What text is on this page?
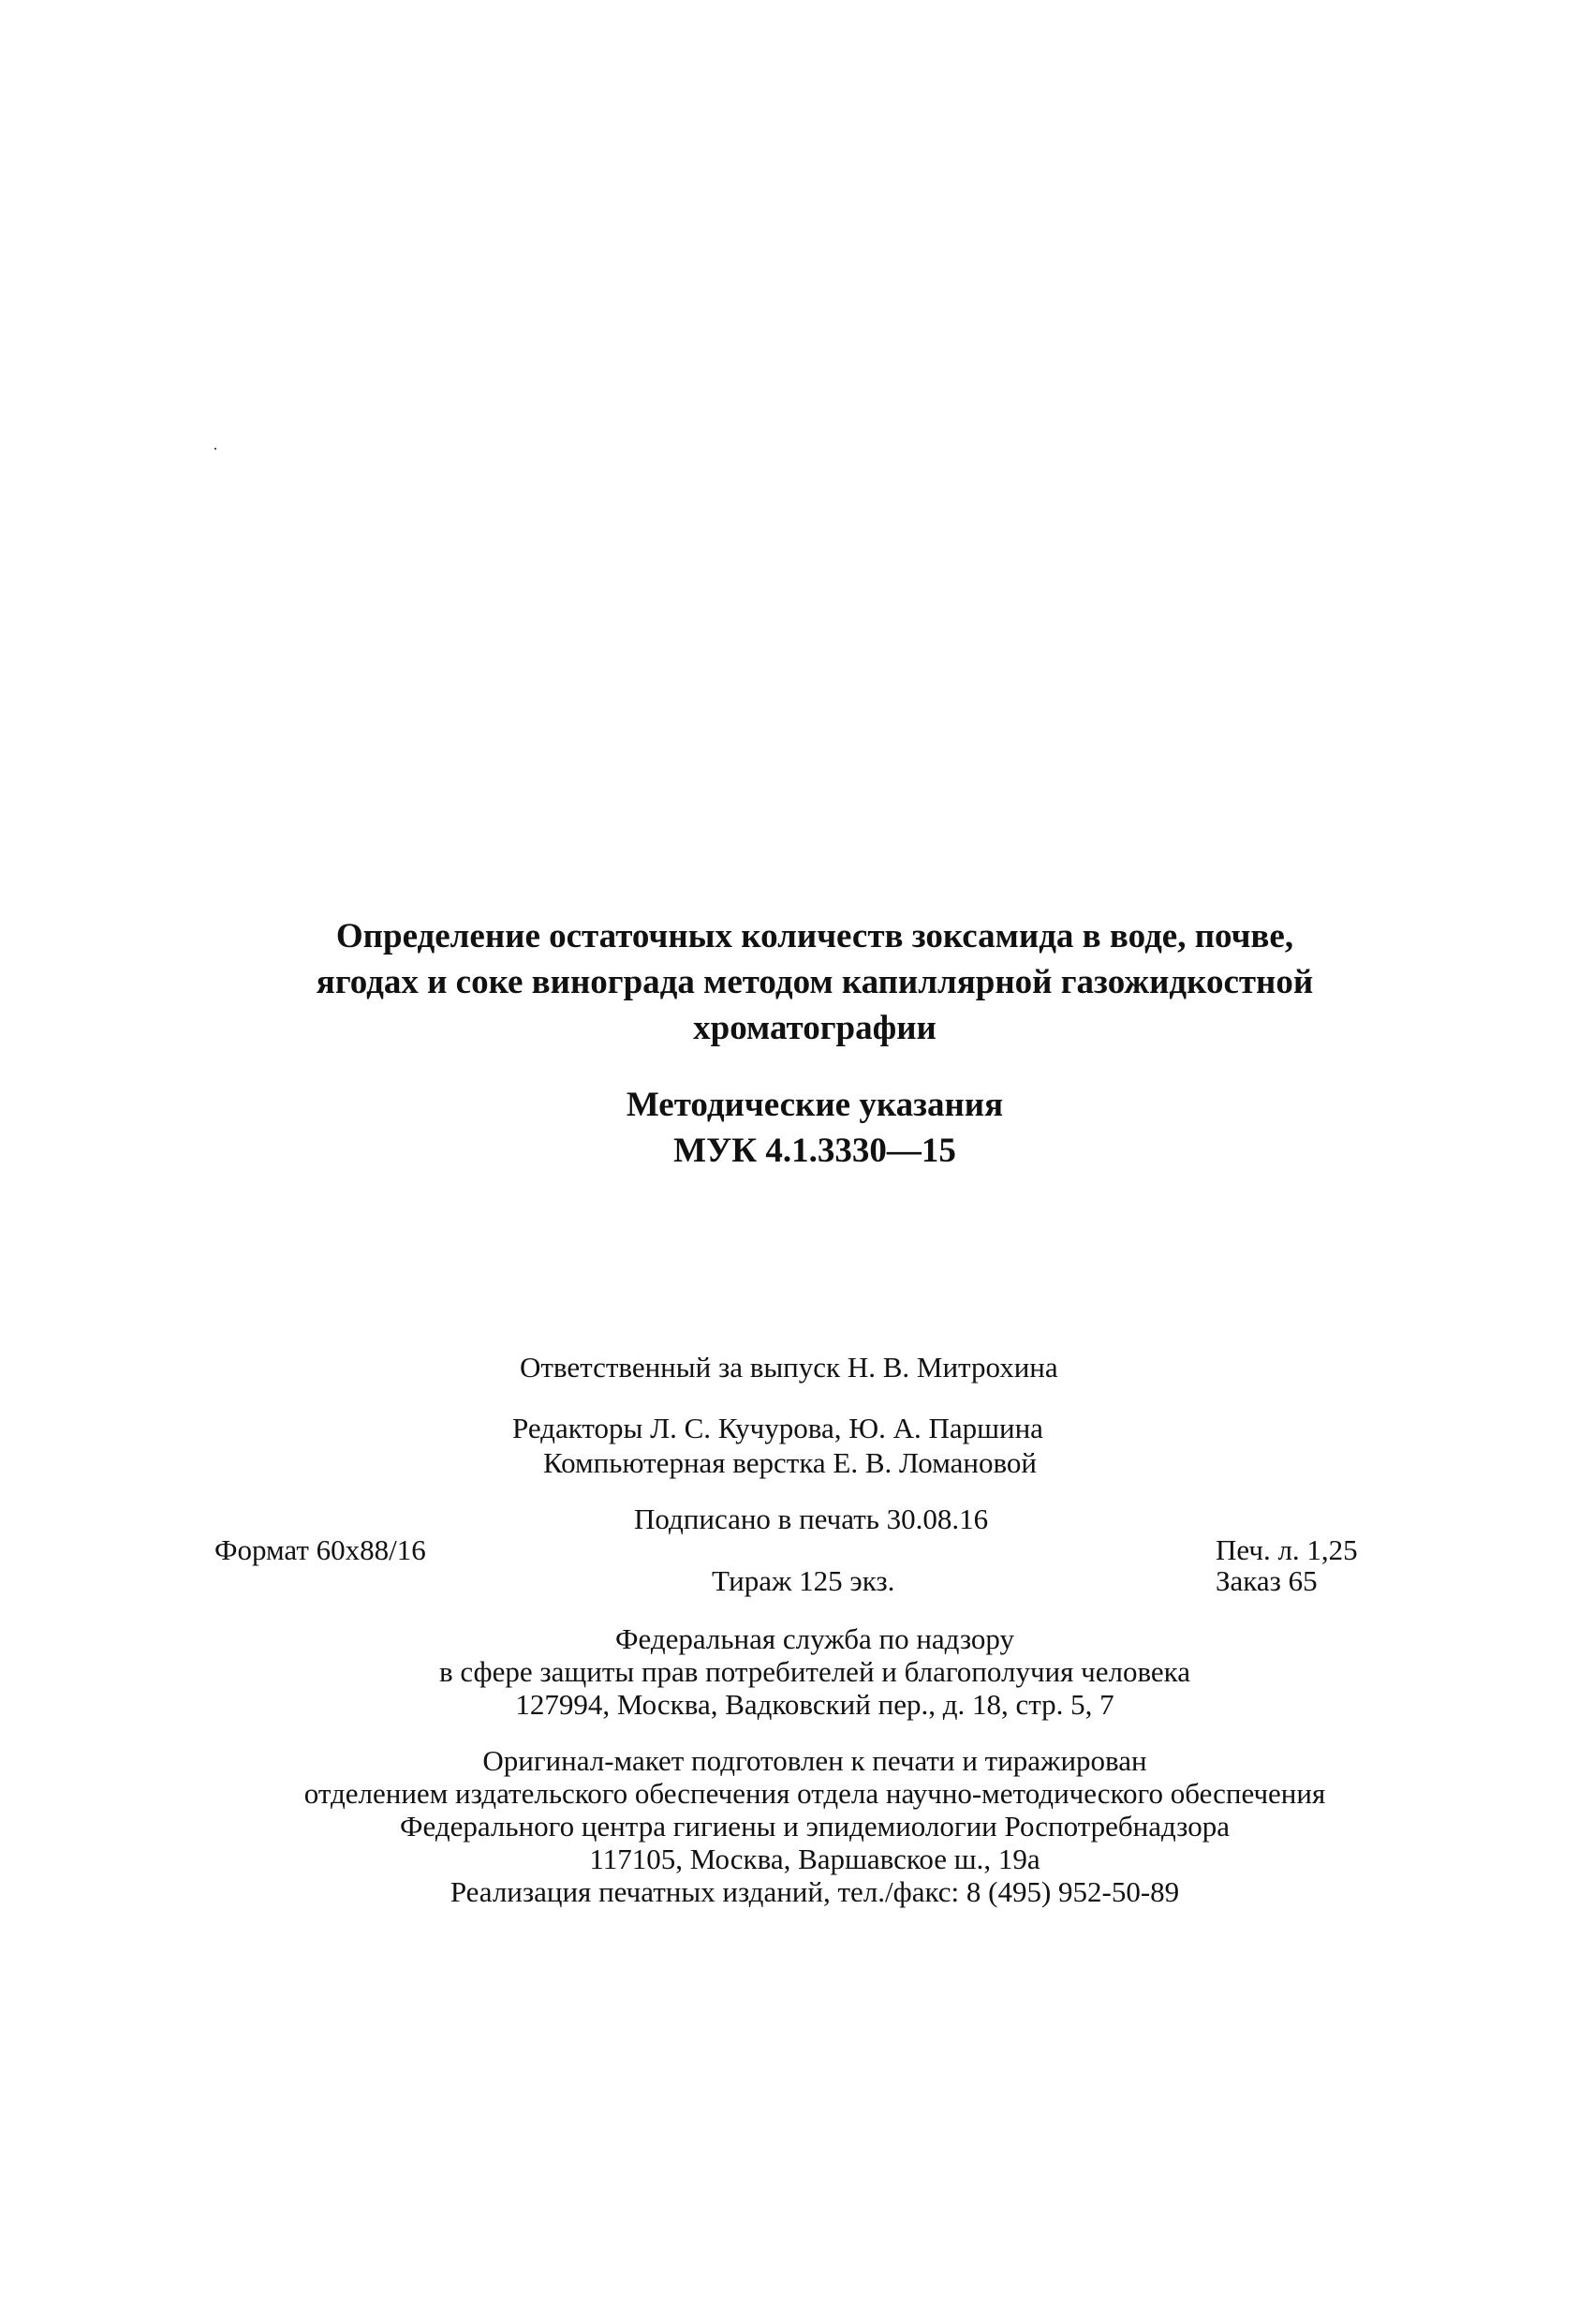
Определение остаточных количеств зоксамида в воде, почве,
ягодах и соке винограда методом капиллярной газожидкостной
хроматографии
Методические указания
МУК 4.1.3330—15
Ответственный за выпуск Н. В. Митрохина
Редакторы Л. С. Кучурова, Ю. А. Паршина
Компьютерная верстка Е. В. Ломановой
Подписано в печать 30.08.16
Формат 60х88/16	Печ. л. 1,25
Тираж 125 экз.	Заказ 65
Федеральная служба по надзору
в сфере защиты прав потребителей и благополучия человека
127994, Москва, Вадковский пер., д. 18, стр. 5, 7
Оригинал-макет подготовлен к печати и тиражирован
отделением издательского обеспечения отдела научно-методического обеспечения
Федерального центра гигиены и эпидемиологии Роспотребнадзора
117105, Москва, Варшавское ш., 19а
Реализация печатных изданий, тел./факс: 8 (495) 952-50-89
